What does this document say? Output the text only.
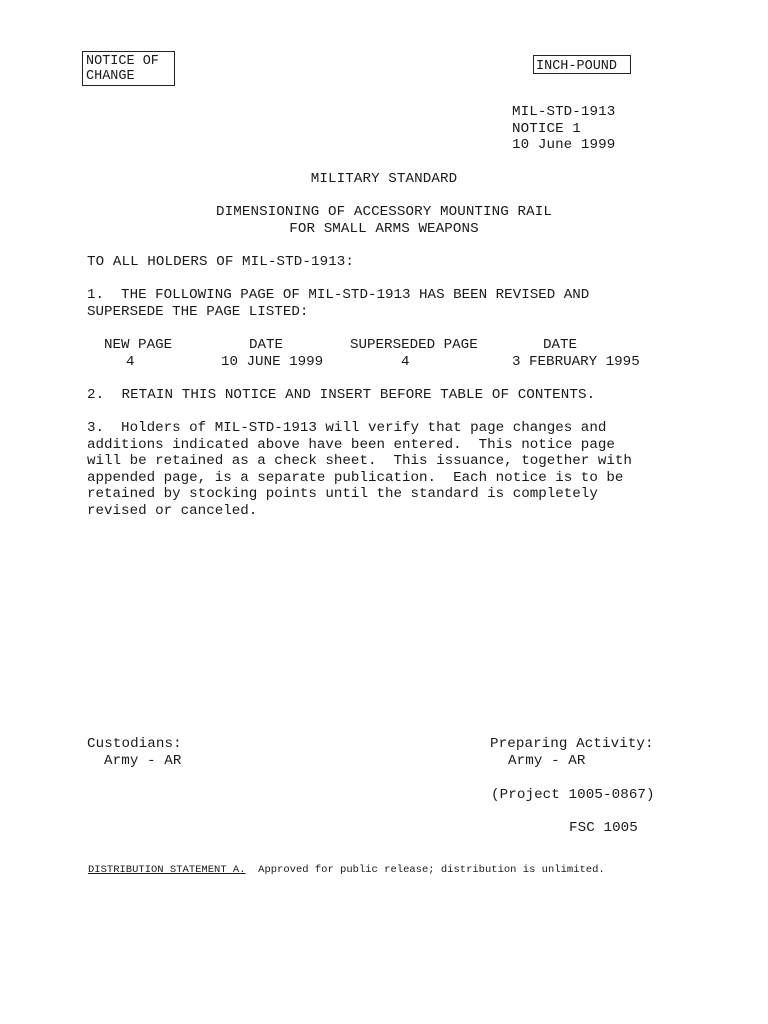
NOTICE OF
CHANGE
INCH-POUND
MIL-STD-1913
NOTICE 1
10 June 1999
MILITARY STANDARD
DIMENSIONING OF ACCESSORY MOUNTING RAIL
FOR SMALL ARMS WEAPONS
TO ALL HOLDERS OF MIL-STD-1913:
1.  THE FOLLOWING PAGE OF MIL-STD-1913 HAS BEEN REVISED AND
SUPERSEDE THE PAGE LISTED:
NEW PAGE	DATE	SUPERSEDED PAGE	DATE
4	10 JUNE 1999	4	3 FEBRUARY 1995
2.  RETAIN THIS NOTICE AND INSERT BEFORE TABLE OF CONTENTS.
3.  Holders of MIL-STD-1913 will verify that page changes and
additions indicated above have been entered.  This notice page
will be retained as a check sheet.  This issuance, together with
appended page, is a separate publication.  Each notice is to be
retained by stocking points until the standard is completely
revised or canceled.
Custodians:
Army - AR
Preparing Activity:
Army - AR
(Project 1005-0867)
FSC 1005
DISTRIBUTION STATEMENT A. Approved for public release; distribution is unlimited.
